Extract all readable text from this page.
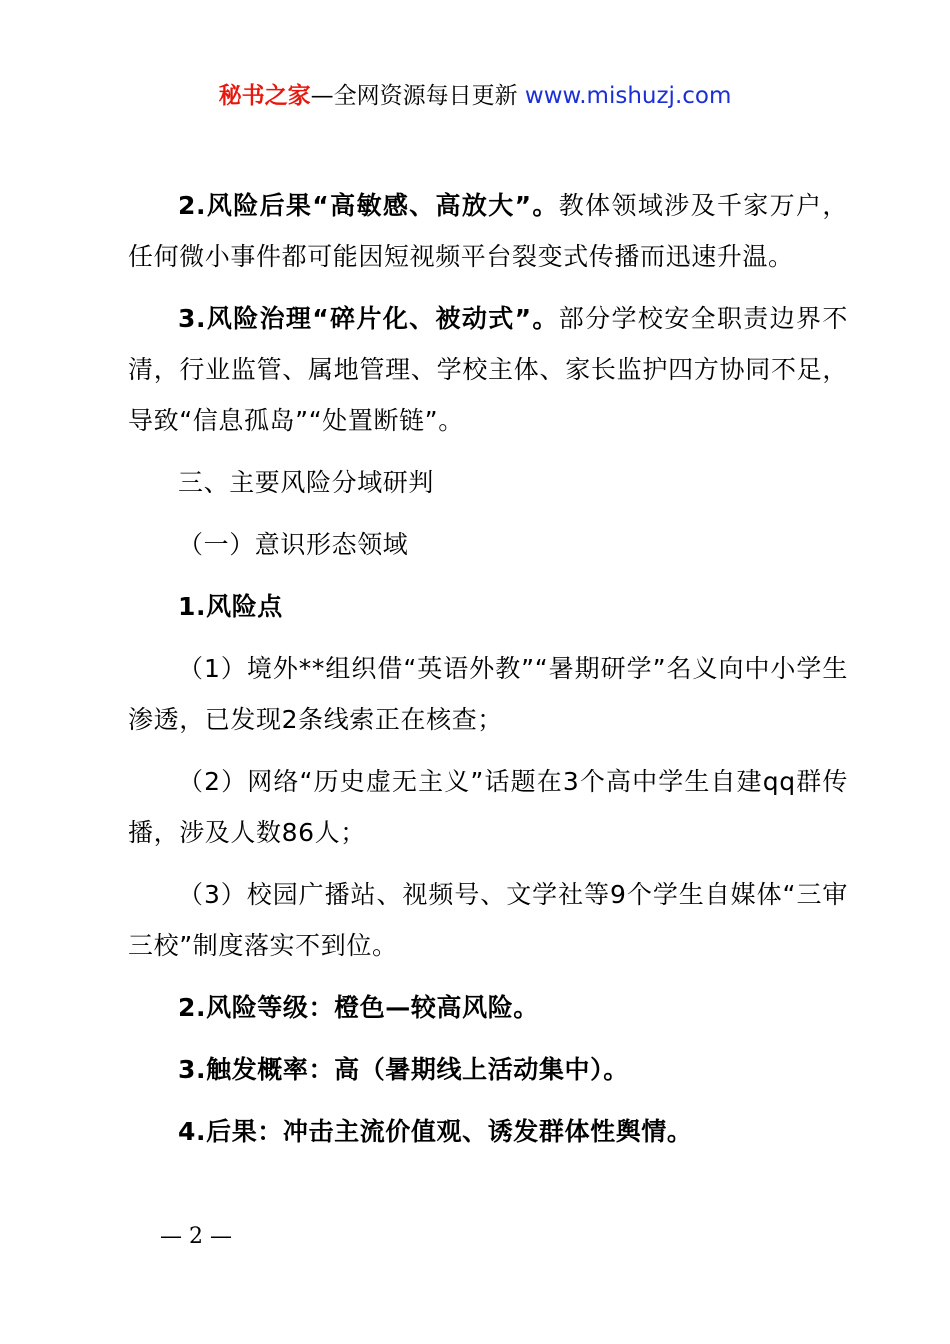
秘书之家—全网资源每日更新 www.mishuzj.com

2.风险后果“高敏感、高放大”。教体领域涉及千家万户，任何微小事件都可能因短视频平台裂变式传播而迅速升温。

3.风险治理“碎片化、被动式”。部分学校安全职责边界不清，行业监管、属地管理、学校主体、家长监护四方协同不足，导致“信息孤岛”“处置断链”。

三、主要风险分域研判

（一）意识形态领域

1.风险点

（1）境外**组织借“英语外教”“暑期研学”名义向中小学生渗透，已发现2条线索正在核查；

（2）网络“历史虚无主义”话题在3个高中学生自建qq群传播，涉及人数86人；

（3）校园广播站、视频号、文学社等9个学生自媒体“三审三校”制度落实不到位。

2.风险等级：橙色—较高风险。

3.触发概率：高（暑期线上活动集中）。

4.后果：冲击主流价值观、诱发群体性舆情。

— 2 —
